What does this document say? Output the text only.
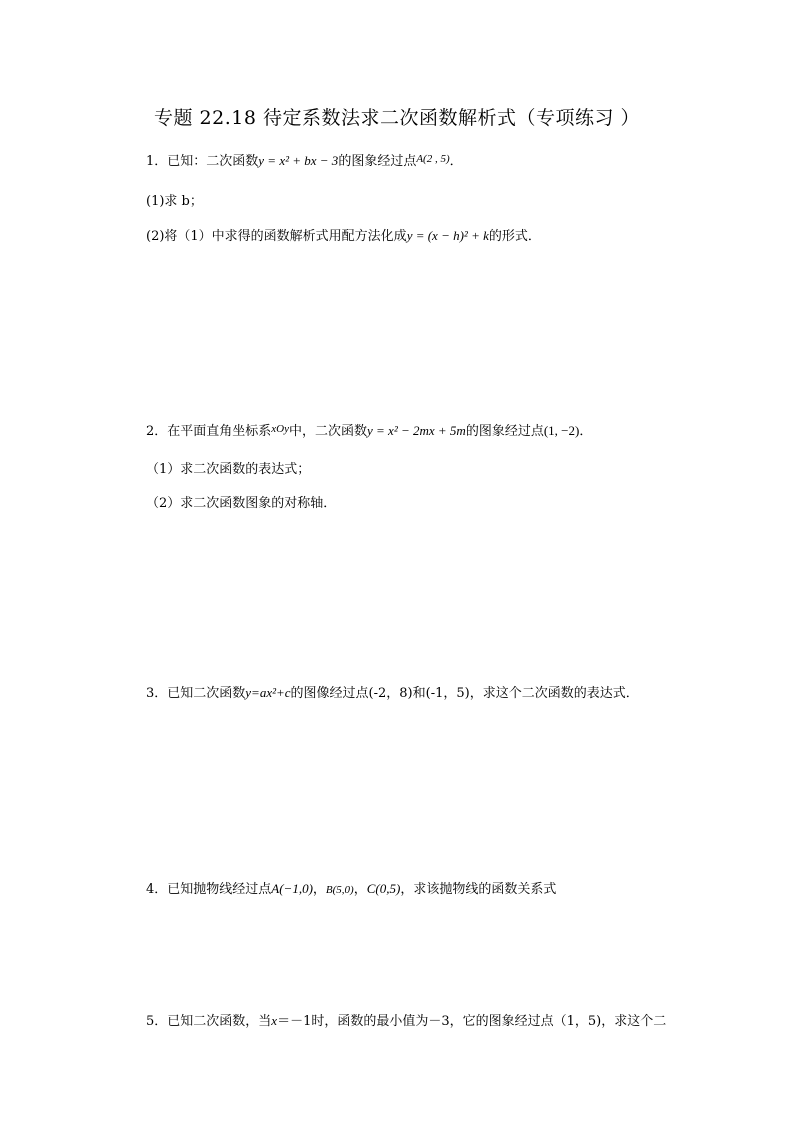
专题 22.18 待定系数法求二次函数解析式（专项练习 ）
1．已知：二次函数y = x² + bx − 3的图象经过点$^{A(2 , 5)}$．
(1)求 b；
(2)将（1）中求得的函数解析式用配方法化成y = (x − h)² + k的形式．
2．在平面直角坐标系$^{xOy}$中，二次函数y = x² − 2mx + 5m的图象经过点(1, −2)．
（1）求二次函数的表达式；
（2）求二次函数图象的对称轴．
3．已知二次函数y=ax²+c的图像经过点(-2，8)和(-1，5)，求这个二次函数的表达式．
4．已知抛物线经过点A(−1,0)，B(5,0)，C(0,5)，求该抛物线的函数关系式
5．已知二次函数，当x＝－1时，函数的最小值为－3，它的图象经过点（1，5)，求这个二
